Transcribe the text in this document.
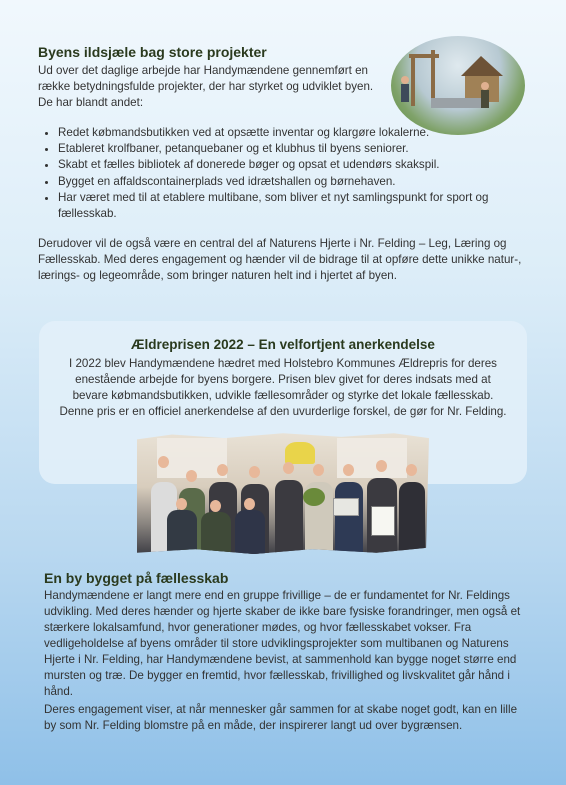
Byens ildsjæle bag store projekter
Ud over det daglige arbejde har Handymændene gennemført en række betydningsfulde projekter, der har styrket og udviklet byen. De har blandt andet:
• Redet købmandsbutikken ved at opsætte inventar og klargøre lokalerne.
• Etableret krolfbaner, petanquebaner og et klubhus til byens seniorer.
• Skabt et fælles bibliotek af donerede bøger og opsat et udendørs skakspil.
• Bygget en affaldscontainerplads ved idrætshallen og børnehaven.
• Har været med til at etablere multibane, som bliver et nyt samlingspunkt for sport og fællesskab.
Derudover vil de også være en central del af Naturens Hjerte i Nr. Felding – Leg, Læring og Fællesskab. Med deres engagement og hænder vil de bidrage til at opføre dette unikke natur-, lærings- og legeområde, som bringer naturen helt ind i hjertet af byen.
Ældreprisen 2022 – En velfortjent anerkendelse
I 2022 blev Handymændene hædret med Holstebro Kommunes Ældrepris for deres enestående arbejde for byens borgere. Prisen blev givet for deres indsats med at bevare købmandsbutikken, udvikle fællesområder og styrke det lokale fællesskab.
Denne pris er en officiel anerkendelse af den uvurderlige forskel, de gør for Nr. Felding.
En by bygget på fællesskab
Handymændene er langt mere end en gruppe frivillige – de er fundamentet for Nr. Feldings udvikling. Med deres hænder og hjerte skaber de ikke bare fysiske forandringer, men også et stærkere lokalsamfund, hvor generationer mødes, og hvor fællesskabet vokser. Fra vedligeholdelse af byens områder til store udviklingsprojekter som multibanen og Naturens Hjerte i Nr. Felding, har Handymændene bevist, at sammenhold kan bygge noget større end mursten og træ. De bygger en fremtid, hvor fællesskab, frivillighed og livskvalitet går hånd i hånd.
Deres engagement viser, at når mennesker går sammen for at skabe noget godt, kan en lille by som Nr. Felding blomstre på en måde, der inspirerer langt ud over bygrænsen.
